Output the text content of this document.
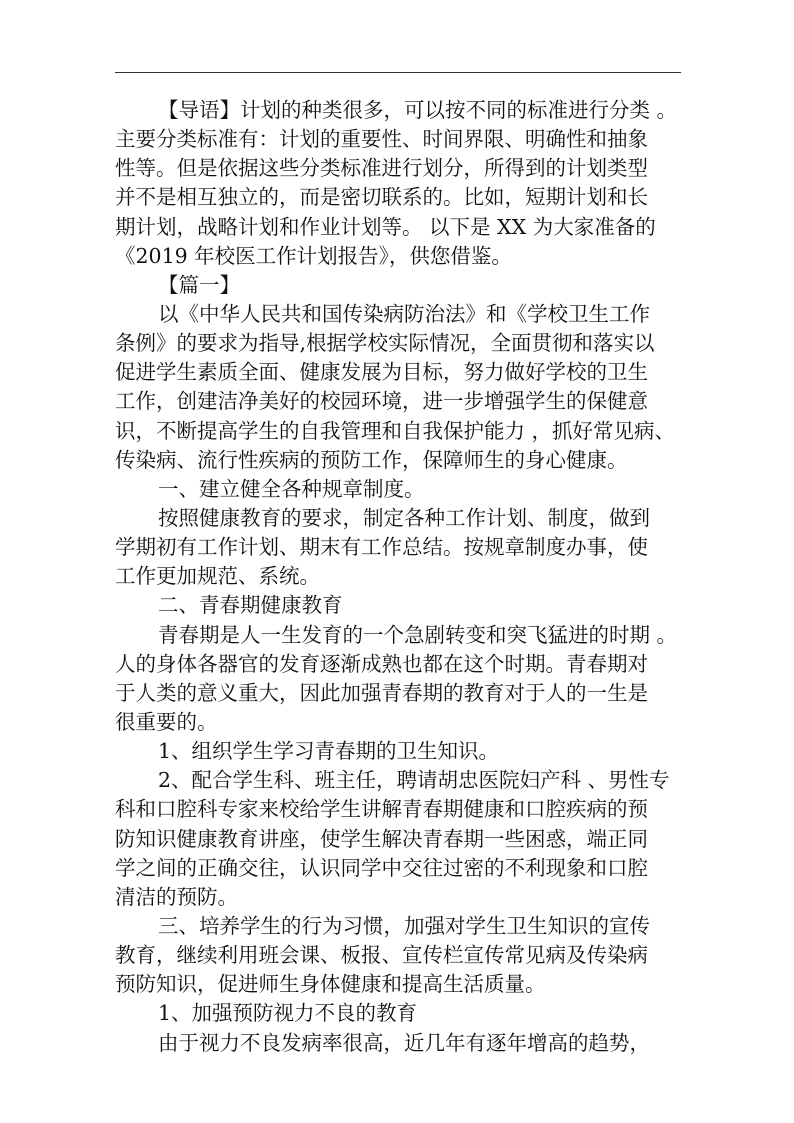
【导语】计划的种类很多，可以按不同的标准进行分类 。
主要分类标准有：计划的重要性、时间界限、明确性和抽象
性等。但是依据这些分类标准进行划分，所得到的计划类型
并不是相互独立的，而是密切联系的。比如，短期计划和长
期计划，战略计划和作业计划等。 以下是 XX 为大家准备的
《2019 年校医工作计划报告》，供您借鉴。
【篇一】
以《中华人民共和国传染病防治法》和《学校卫生工作
条例》的要求为指导,根据学校实际情况，全面贯彻和落实以
促进学生素质全面、健康发展为目标，努力做好学校的卫生
工作，创建洁净美好的校园环境，进一步增强学生的保健意
识，不断提高学生的自我管理和自我保护能力 ，抓好常见病、
传染病、流行性疾病的预防工作，保障师生的身心健康。
一、建立健全各种规章制度。
按照健康教育的要求，制定各种工作计划、制度，做到
学期初有工作计划、期末有工作总结。按规章制度办事，使
工作更加规范、系统。
二、青春期健康教育
青春期是人一生发育的一个急剧转变和突飞猛进的时期 。
人的身体各器官的发育逐渐成熟也都在这个时期。青春期对
于人类的意义重大，因此加强青春期的教育对于人的一生是
很重要的。
1、组织学生学习青春期的卫生知识。
2、配合学生科、班主任，聘请胡忠医院妇产科 、男性专
科和口腔科专家来校给学生讲解青春期健康和口腔疾病的预
防知识健康教育讲座，使学生解决青春期一些困惑，端正同
学之间的正确交往，认识同学中交往过密的不利现象和口腔
清洁的预防。
三、培养学生的行为习惯，加强对学生卫生知识的宣传
教育，继续利用班会课、板报、宣传栏宣传常见病及传染病
预防知识，促进师生身体健康和提高生活质量。
1、加强预防视力不良的教育
由于视力不良发病率很高，近几年有逐年增高的趋势，
